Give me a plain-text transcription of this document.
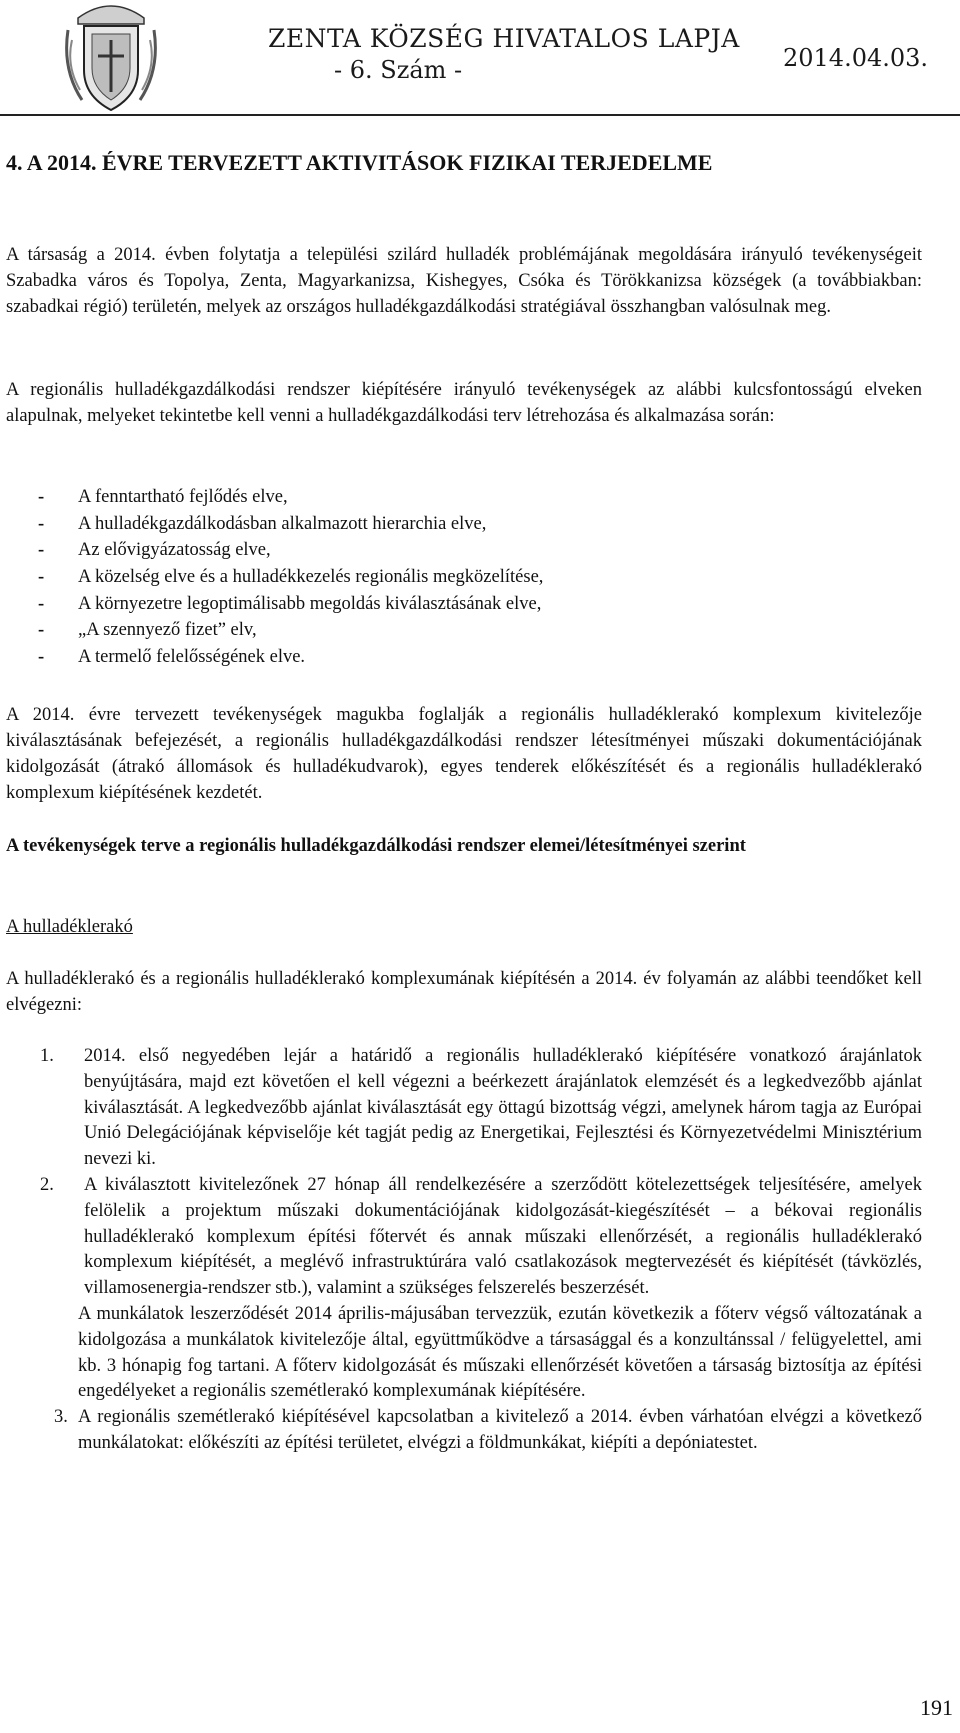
ZENTA KÖZSÉG HIVATALOS LAPJA
- 6. Szám -	2014.04.03.
4. A 2014. ÉVRE TERVEZETT AKTIVITÁSOK FIZIKAI TERJEDELME

A társaság a 2014. évben folytatja a települési szilárd hulladék problémájának megoldására irányuló tevékenységeit Szabadka város és Topolya, Zenta, Magyarkanizsa, Kishegyes, Csóka és Törökkanizsa községek (a továbbiakban: szabadkai régió) területén, melyek az országos hulladékgazdálkodási stratégiával összhangban valósulnak meg.

A regionális hulladékgazdálkodási rendszer kiépítésére irányuló tevékenységek az alábbi kulcsfontosságú elveken alapulnak, melyeket tekintetbe kell venni a hulladékgazdálkodási terv létrehozása és alkalmazása során:

- A fenntartható fejlődés elve,
- A hulladékgazdálkodásban alkalmazott hierarchia elve,
- Az elővigyázatosság elve,
- A közelség elve és a hulladékkezelés regionális megközelítése,
- A környezetre legoptimálisabb megoldás kiválasztásának elve,
- „A szennyező fizet” elv,
- A termelő felelősségének elve.

A 2014. évre tervezett tevékenységek magukba foglalják a regionális hulladéklerakó komplexum kivitelezője kiválasztásának befejezését, a regionális hulladékgazdálkodási rendszer létesítményei műszaki dokumentációjának kidolgozását (átrakó állomások és hulladékudvarok), egyes tenderek előkészítését és a regionális hulladéklerakó komplexum kiépítésének kezdetét.

A tevékenységek terve a regionális hulladékgazdálkodási rendszer elemei/létesítményei szerint

A hulladéklerakó

A hulladéklerakó és a regionális hulladéklerakó komplexumának kiépítésén a 2014. év folyamán az alábbi teendőket kell elvégezni:

1. 2014. első negyedében lejár a határidő a regionális hulladéklerakó kiépítésére vonatkozó árajánlatok benyújtására, majd ezt követően el kell végezni a beérkezett árajánlatok elemzését és a legkedvezőbb ajánlat kiválasztását. A legkedvezőbb ajánlat kiválasztását egy öttagú bizottság végzi, amelynek három tagja az Európai Unió Delegációjának képviselője két tagját pedig az Energetikai, Fejlesztési és Környezetvédelmi Minisztérium nevezi ki.

2. A kiválasztott kivitelezőnek 27 hónap áll rendelkezésére a szerződött kötelezettségek teljesítésére, amelyek felölelik a projektum műszaki dokumentációjának kidolgozását-kiegészítését – a békovai regionális hulladéklerakó komplexum építési főtervét és annak műszaki ellenőrzését, a regionális hulladéklerakó komplexum kiépítését, a meglévő infrastruktúrára való csatlakozások megtervezését és kiépítését (távközlés, villamosenergia-rendszer stb.), valamint a szükséges felszerelés beszerzését.

A munkálatok leszerződését 2014 április-májusában tervezzük, ezután következik a főterv végső változatának a kidolgozása a munkálatok kivitelezője által, együttműködve a társasággal és a konzultánssal / felügyelettel, ami kb. 3 hónapig fog tartani. A főterv kidolgozását és műszaki ellenőrzését követően a társaság biztosítja az építési engedélyeket a regionális szemétlerakó komplexumának kiépítésére.

3. A regionális szemétlerakó kiépítésével kapcsolatban a kivitelező a 2014. évben várhatóan elvégzi a következő munkálatokat: előkészíti az építési területet, elvégzi a földmunkákat, kiépíti a depóniatestet.

191
